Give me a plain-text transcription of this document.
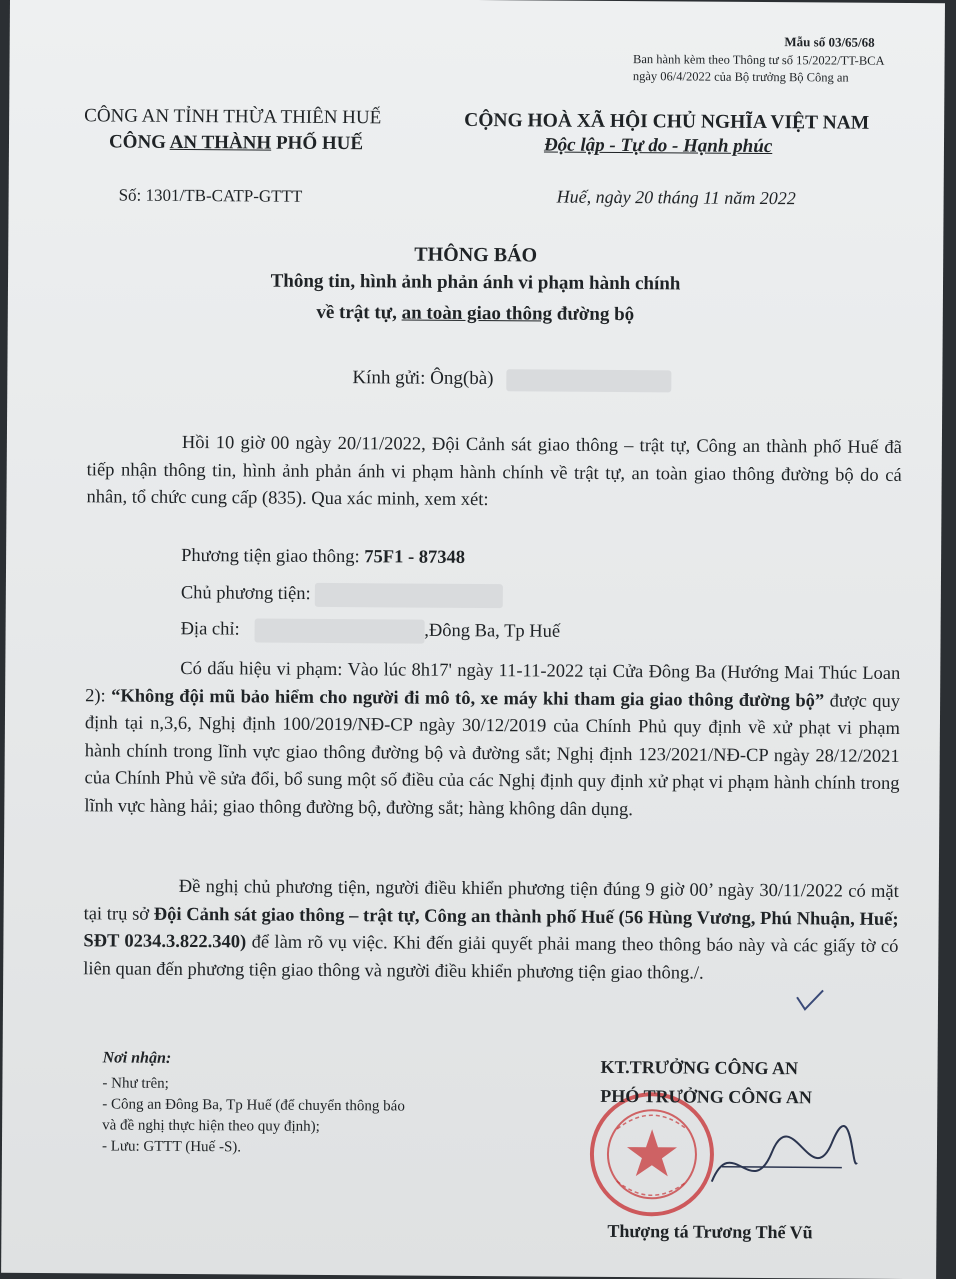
Mẫu số 03/65/68
Ban hành kèm theo Thông tư số 15/2022/TT-BCA
ngày 06/4/2022 của Bộ trưởng Bộ Công an
CÔNG AN TỈNH THỪA THIÊN HUẾ
CÔNG AN THÀNH PHỐ HUẾ
CỘNG HOÀ XÃ HỘI CHỦ NGHĨA VIỆT NAM
Độc lập - Tự do - Hạnh phúc
Số: 1301/TB-CATP-GTTT	Huế, ngày 20 tháng 11 năm 2022
THÔNG BÁO
Thông tin, hình ảnh phản ánh vi phạm hành chính
về trật tự, an toàn giao thông đường bộ
Kính gửi: Ông(bà)
Hồi 10 giờ 00 ngày 20/11/2022, Đội Cảnh sát giao thông – trật tự, Công an thành phố Huế đã tiếp nhận thông tin, hình ảnh phản ánh vi phạm hành chính về trật tự, an toàn giao thông đường bộ do cá nhân, tổ chức cung cấp (835). Qua xác minh, xem xét:
Phương tiện giao thông: 75F1 - 87348
Chủ phương tiện:
Địa chỉ:	,Đông Ba, Tp Huế
Có dấu hiệu vi phạm: Vào lúc 8h17' ngày 11-11-2022 tại Cửa Đông Ba (Hướng Mai Thúc Loan 2): “Không đội mũ bảo hiểm cho người đi mô tô, xe máy khi tham gia giao thông đường bộ” được quy định tại n,3,6, Nghị định 100/2019/NĐ-CP ngày 30/12/2019 của Chính Phủ quy định về xử phạt vi phạm hành chính trong lĩnh vực giao thông đường bộ và đường sắt; Nghị định 123/2021/NĐ-CP ngày 28/12/2021 của Chính Phủ về sửa đổi, bổ sung một số điều của các Nghị định quy định xử phạt vi phạm hành chính trong lĩnh vực hàng hải; giao thông đường bộ, đường sắt; hàng không dân dụng.
Đề nghị chủ phương tiện, người điều khiển phương tiện đúng 9 giờ 00’ ngày 30/11/2022 có mặt tại trụ sở Đội Cảnh sát giao thông – trật tự, Công an thành phố Huế (56 Hùng Vương, Phú Nhuận, Huế; SĐT 0234.3.822.340) để làm rõ vụ việc. Khi đến giải quyết phải mang theo thông báo này và các giấy tờ có liên quan đến phương tiện giao thông và người điều khiển phương tiện giao thông./.
Nơi nhận:
- Như trên;
- Công an Đông Ba, Tp Huế (để chuyển thông báo và đề nghị thực hiện theo quy định);
- Lưu: GTTT (Huế -S).
KT.TRƯỞNG CÔNG AN
PHÓ TRƯỞNG CÔNG AN
Thượng tá Trương Thế Vũ
